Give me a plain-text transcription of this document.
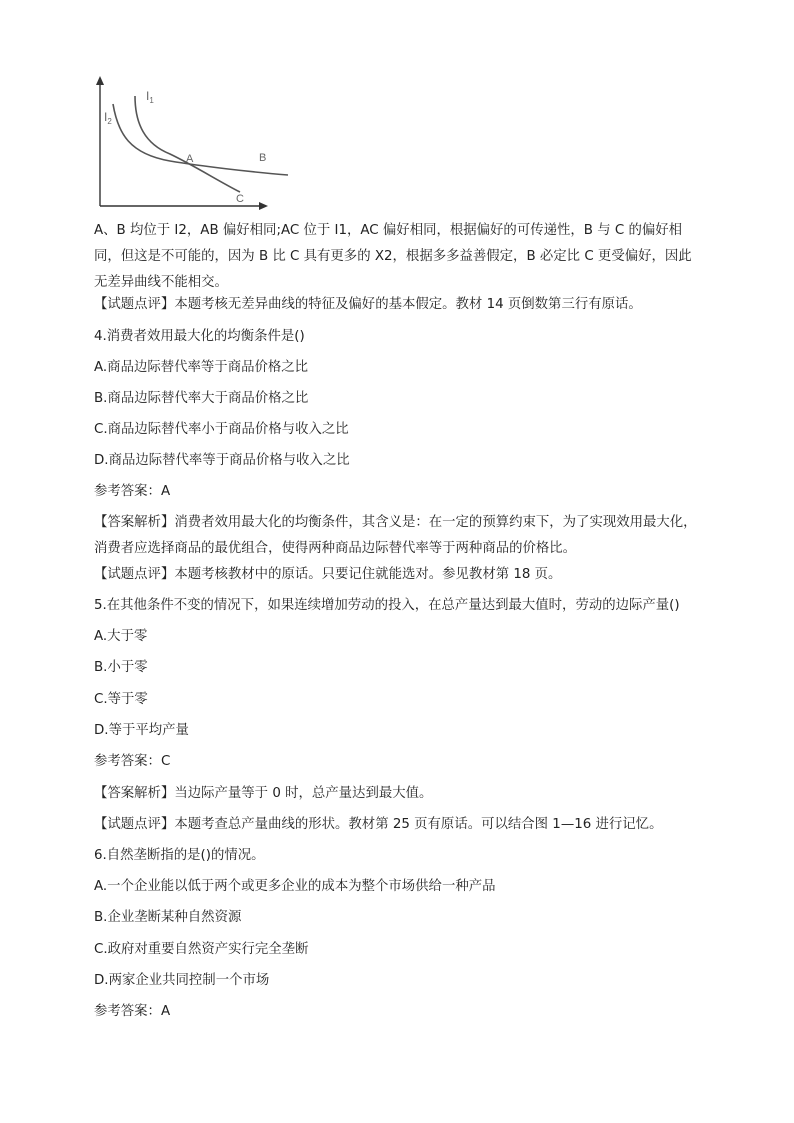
$I_1$
$I_2$
A	B
C
A、B 均位于 I2，AB 偏好相同;AC 位于 I1，AC 偏好相同，根据偏好的可传递性，B 与 C 的偏好相同，但这是不可能的，因为 B 比 C 具有更多的 X2，根据多多益善假定，B 必定比 C 更受偏好，因此无差异曲线不能相交。
【试题点评】本题考核无差异曲线的特征及偏好的基本假定。教材 14 页倒数第三行有原话。
4.消费者效用最大化的均衡条件是()
A.商品边际替代率等于商品价格之比
B.商品边际替代率大于商品价格之比
C.商品边际替代率小于商品价格与收入之比
D.商品边际替代率等于商品价格与收入之比
参考答案：A
【答案解析】消费者效用最大化的均衡条件，其含义是：在一定的预算约束下，为了实现效用最大化，消费者应选择商品的最优组合，使得两种商品边际替代率等于两种商品的价格比。
【试题点评】本题考核教材中的原话。只要记住就能选对。参见教材第 18 页。
5.在其他条件不变的情况下，如果连续增加劳动的投入，在总产量达到最大值时，劳动的边际产量()
A.大于零
B.小于零
C.等于零
D.等于平均产量
参考答案：C
【答案解析】当边际产量等于 0 时，总产量达到最大值。
【试题点评】本题考查总产量曲线的形状。教材第 25 页有原话。可以结合图 1—16 进行记忆。
6.自然垄断指的是()的情况。
A.一个企业能以低于两个或更多企业的成本为整个市场供给一种产品
B.企业垄断某种自然资源
C.政府对重要自然资产实行完全垄断
D.两家企业共同控制一个市场
参考答案：A
